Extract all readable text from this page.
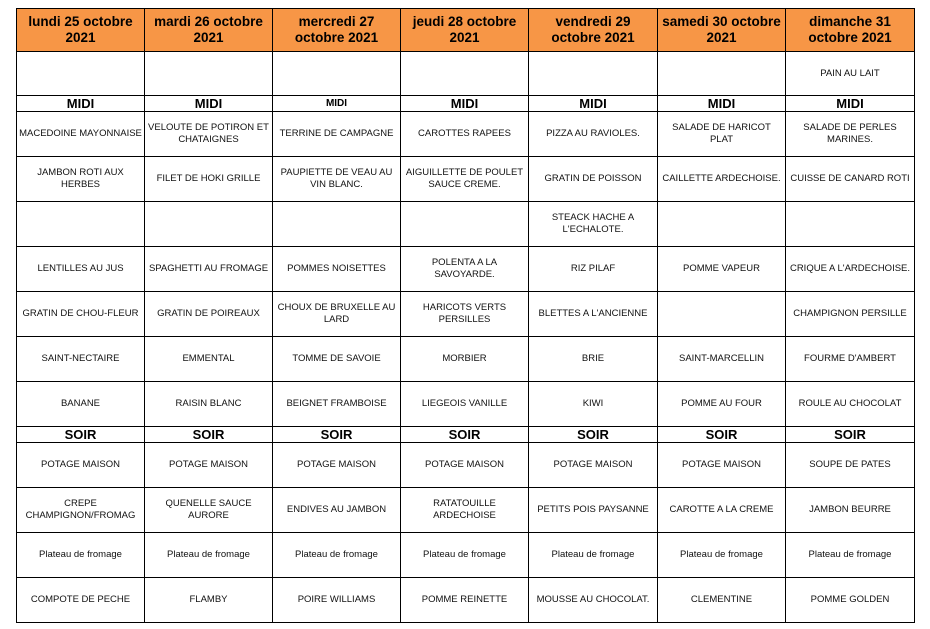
lundi 25 octobre 2021	mardi 26 octobre 2021	mercredi 27 octobre 2021	jeudi 28 octobre 2021	vendredi 29 octobre 2021	samedi 30 octobre 2021	dimanche 31 octobre 2021
						PAIN AU LAIT
MIDI	MIDI	MIDI	MIDI	MIDI	MIDI	MIDI
MACEDOINE MAYONNAISE	VELOUTE DE POTIRON ET CHATAIGNES	TERRINE DE CAMPAGNE	CAROTTES RAPEES	PIZZA AU RAVIOLES.	SALADE DE HARICOT PLAT	SALADE DE PERLES MARINES.
JAMBON ROTI AUX HERBES	FILET DE HOKI GRILLE	PAUPIETTE DE VEAU AU VIN BLANC.	AIGUILLETTE DE POULET SAUCE CREME.	GRATIN DE POISSON	CAILLETTE ARDECHOISE.	CUISSE DE CANARD ROTI
				STEACK HACHE A L'ECHALOTE.		
LENTILLES AU JUS	SPAGHETTI AU FROMAGE	POMMES NOISETTES	POLENTA A LA SAVOYARDE.	RIZ PILAF	POMME VAPEUR	CRIQUE A L'ARDECHOISE.
GRATIN DE CHOU-FLEUR	GRATIN DE POIREAUX	CHOUX DE BRUXELLE AU LARD	HARICOTS VERTS PERSILLES	BLETTES A L'ANCIENNE		CHAMPIGNON PERSILLE
SAINT-NECTAIRE	EMMENTAL	TOMME DE SAVOIE	MORBIER	BRIE	SAINT-MARCELLIN	FOURME D'AMBERT
BANANE	RAISIN BLANC	BEIGNET FRAMBOISE	LIEGEOIS VANILLE	KIWI	POMME AU FOUR	ROULE AU CHOCOLAT
SOIR	SOIR	SOIR	SOIR	SOIR	SOIR	SOIR
POTAGE MAISON	POTAGE MAISON	POTAGE MAISON	POTAGE MAISON	POTAGE MAISON	POTAGE MAISON	SOUPE DE PATES
CREPE CHAMPIGNON/FROMAG	QUENELLE SAUCE AURORE	ENDIVES AU JAMBON	RATATOUILLE ARDECHOISE	PETITS POIS PAYSANNE	CAROTTE A LA CREME	JAMBON BEURRE
Plateau de fromage	Plateau de fromage	Plateau de fromage	Plateau de fromage	Plateau de fromage	Plateau de fromage	Plateau de fromage
COMPOTE DE PECHE	FLAMBY	POIRE WILLIAMS	POMME REINETTE	MOUSSE AU CHOCOLAT.	CLEMENTINE	POMME GOLDEN
